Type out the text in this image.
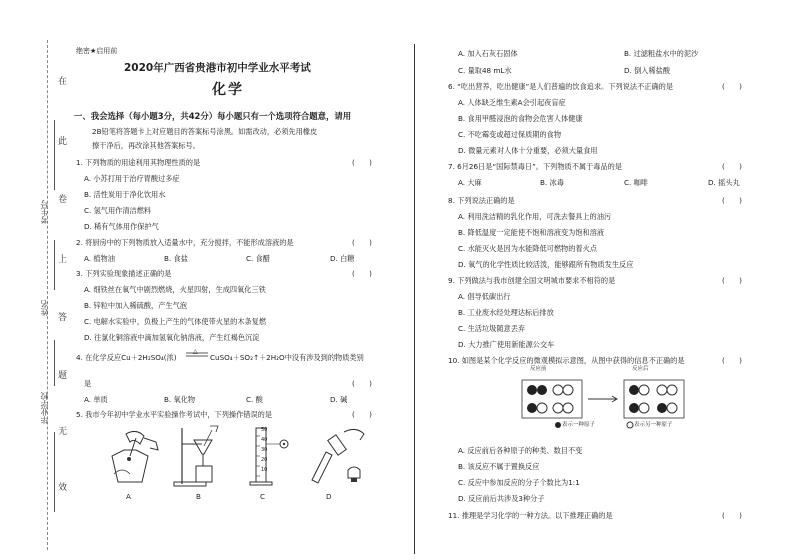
在
此
卷
上
答
题
无
效
考生号
姓名
毕业学校
绝密★启用前
2020年广西省贵港市初中学业水平考试
化学
一、我会选择（每小题3分，共42分）每小题只有一个选项符合题意，请用
2B铅笔将答题卡上对应题目的答案标号涂黑。如需改动，必须先用橡皮
擦干净后，再改涂其他答案标号。
1. 下列物质的用途利用其物理性质的是	(　　)
A. 小苏打用于治疗胃酸过多症
B. 活性炭用于净化饮用水
C. 氢气用作清洁燃料
D. 稀有气体用作保护气
2. 将厨房中的下列物质放入适量水中，充分搅拌，不能形成溶液的是	(　　)
A. 植物油	B. 食盐	C. 食醋	D. 白糖
3. 下列实验现象描述正确的是	(　　)
A. 细铁丝在氧气中剧烈燃烧，火星四射，生成四氧化三铁
B. 锌粒中加入稀硫酸，产生气泡
C. 电解水实验中，负极上产生的气体使带火星的木条复燃
D. 往氯化铜溶液中滴加氢氧化钠溶液，产生红褐色沉淀
4. 在化学反应Cu＋2H₂SO₄(浓)
△
CuSO₄＋SO₂↑＋2H₂O中没有涉及到的物质类别
是	(　　)
A. 单质	B. 氧化物	C. 酸	D. 碱
5. 我市今年初中学业水平实验操作考试中，下列操作错误的是	(　　)
50
40
30
20
10
A	B	C	D
A. 加入石灰石固体	B. 过滤粗盐水中的泥沙
C. 量取48 mL水	D. 倒入稀盐酸
6. “吃出营养，吃出健康”是人们普遍的饮食追求。下列说法不正确的是	(　　)
A. 人体缺乏维生素A会引起夜盲症
B. 食用甲醛浸泡的食物会危害人体健康
C. 不吃霉变或超过保质期的食物
D. 微量元素对人体十分重要，必须大量食用
7. 6月26日是“国际禁毒日”。下列物质不属于毒品的是	(　　)
A. 大麻	B. 冰毒	C. 咖啡	D. 摇头丸
8. 下列说法正确的是	(　　)
A. 利用洗洁精的乳化作用，可洗去餐具上的油污
B. 降低温度一定能使不饱和溶液变为饱和溶液
C. 水能灭火是因为水能降低可燃物的着火点
D. 氧气的化学性质比较活泼，能够跟所有物质发生反应
9. 下列做法与我市创建全国文明城市要求不相符的是	(　　)
A. 倡导低碳出行
B. 工业废水经处理达标后排放
C. 生活垃圾随意丢弃
D. 大力推广使用新能源公交车
10. 如图是某个化学反应的微观模拟示意图，从图中获得的信息不正确的是	(　　)
反应前	反应后
表示一种原子	表示另一种原子
A. 反应前后各种原子的种类、数目不变
B. 该反应不属于置换反应
C. 反应中参加反应的分子个数比为1:1
D. 反应前后共涉及3种分子
11. 推理是学习化学的一种方法。以下推理正确的是	(　　)
